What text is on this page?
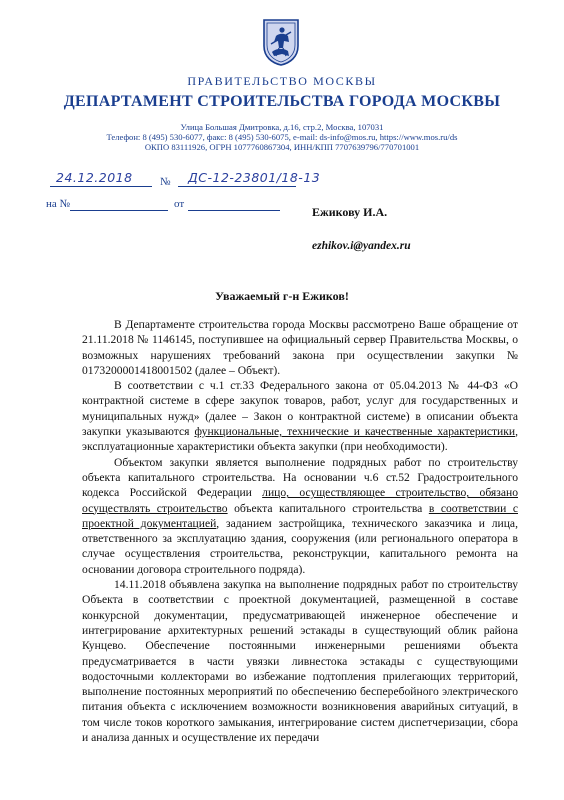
ПРАВИТЕЛЬСТВО МОСКВЫ
ДЕПАРТАМЕНТ СТРОИТЕЛЬСТВА ГОРОДА МОСКВЫ
Улица Большая Дмитровка, д.16, стр.2, Москва, 107031
Телефон: 8 (495) 530-6077, факс: 8 (495) 530-6075, e-mail: ds-info@mos.ru, https://www.mos.ru/ds
ОКПО 83111926, ОГРН 1077760867304, ИНН/КПП 7707639796/770701001
24.12.2018 № ДС-12-23801/18-13
на №	от
Ежикову И.А.
ezhikov.i@yandex.ru
Уважаемый г-н Ежиков!

В Департаменте строительства города Москвы рассмотрено Ваше обращение от 21.11.2018 № 1146145, поступившее на официальный сервер Правительства Москвы, о возможных нарушениях требований закона при осуществлении закупки № 0173200001418001502 (далее – Объект).

В соответствии с ч.1 ст.33 Федерального закона от 05.04.2013 № 44-ФЗ «О контрактной системе в сфере закупок товаров, работ, услуг для государственных и муниципальных нужд» (далее – Закон о контрактной системе) в описании объекта закупки указываются функциональные, технические и качественные характеристики, эксплуатационные характеристики объекта закупки (при необходимости).

Объектом закупки является выполнение подрядных работ по строительству объекта капитального строительства. На основании ч.6 ст.52 Градостроительного кодекса Российской Федерации лицо, осуществляющее строительство, обязано осуществлять строительство объекта капитального строительства в соответствии с проектной документацией, заданием застройщика, технического заказчика и лица, ответственного за эксплуатацию здания, сооружения (или регионального оператора в случае осуществления строительства, реконструкции, капитального ремонта на основании договора строительного подряда).

14.11.2018 объявлена закупка на выполнение подрядных работ по строительству Объекта в соответствии с проектной документацией, размещенной в составе конкурсной документации, предусматривающей инженерное обеспечение и интегрирование архитектурных решений эстакады в существующий облик района Кунцево. Обеспечение постоянными инженерными решениями объекта предусматривается в части увязки ливнестока эстакады с существующими водосточными коллекторами во избежание подтопления прилегающих территорий, выполнение постоянных мероприятий по обеспечению бесперебойного электрического питания объекта с исключением возможности возникновения аварийных ситуаций, в том числе токов короткого замыкания, интегрирование систем диспетчеризации, сбора и анализа данных и осуществление их передачи
